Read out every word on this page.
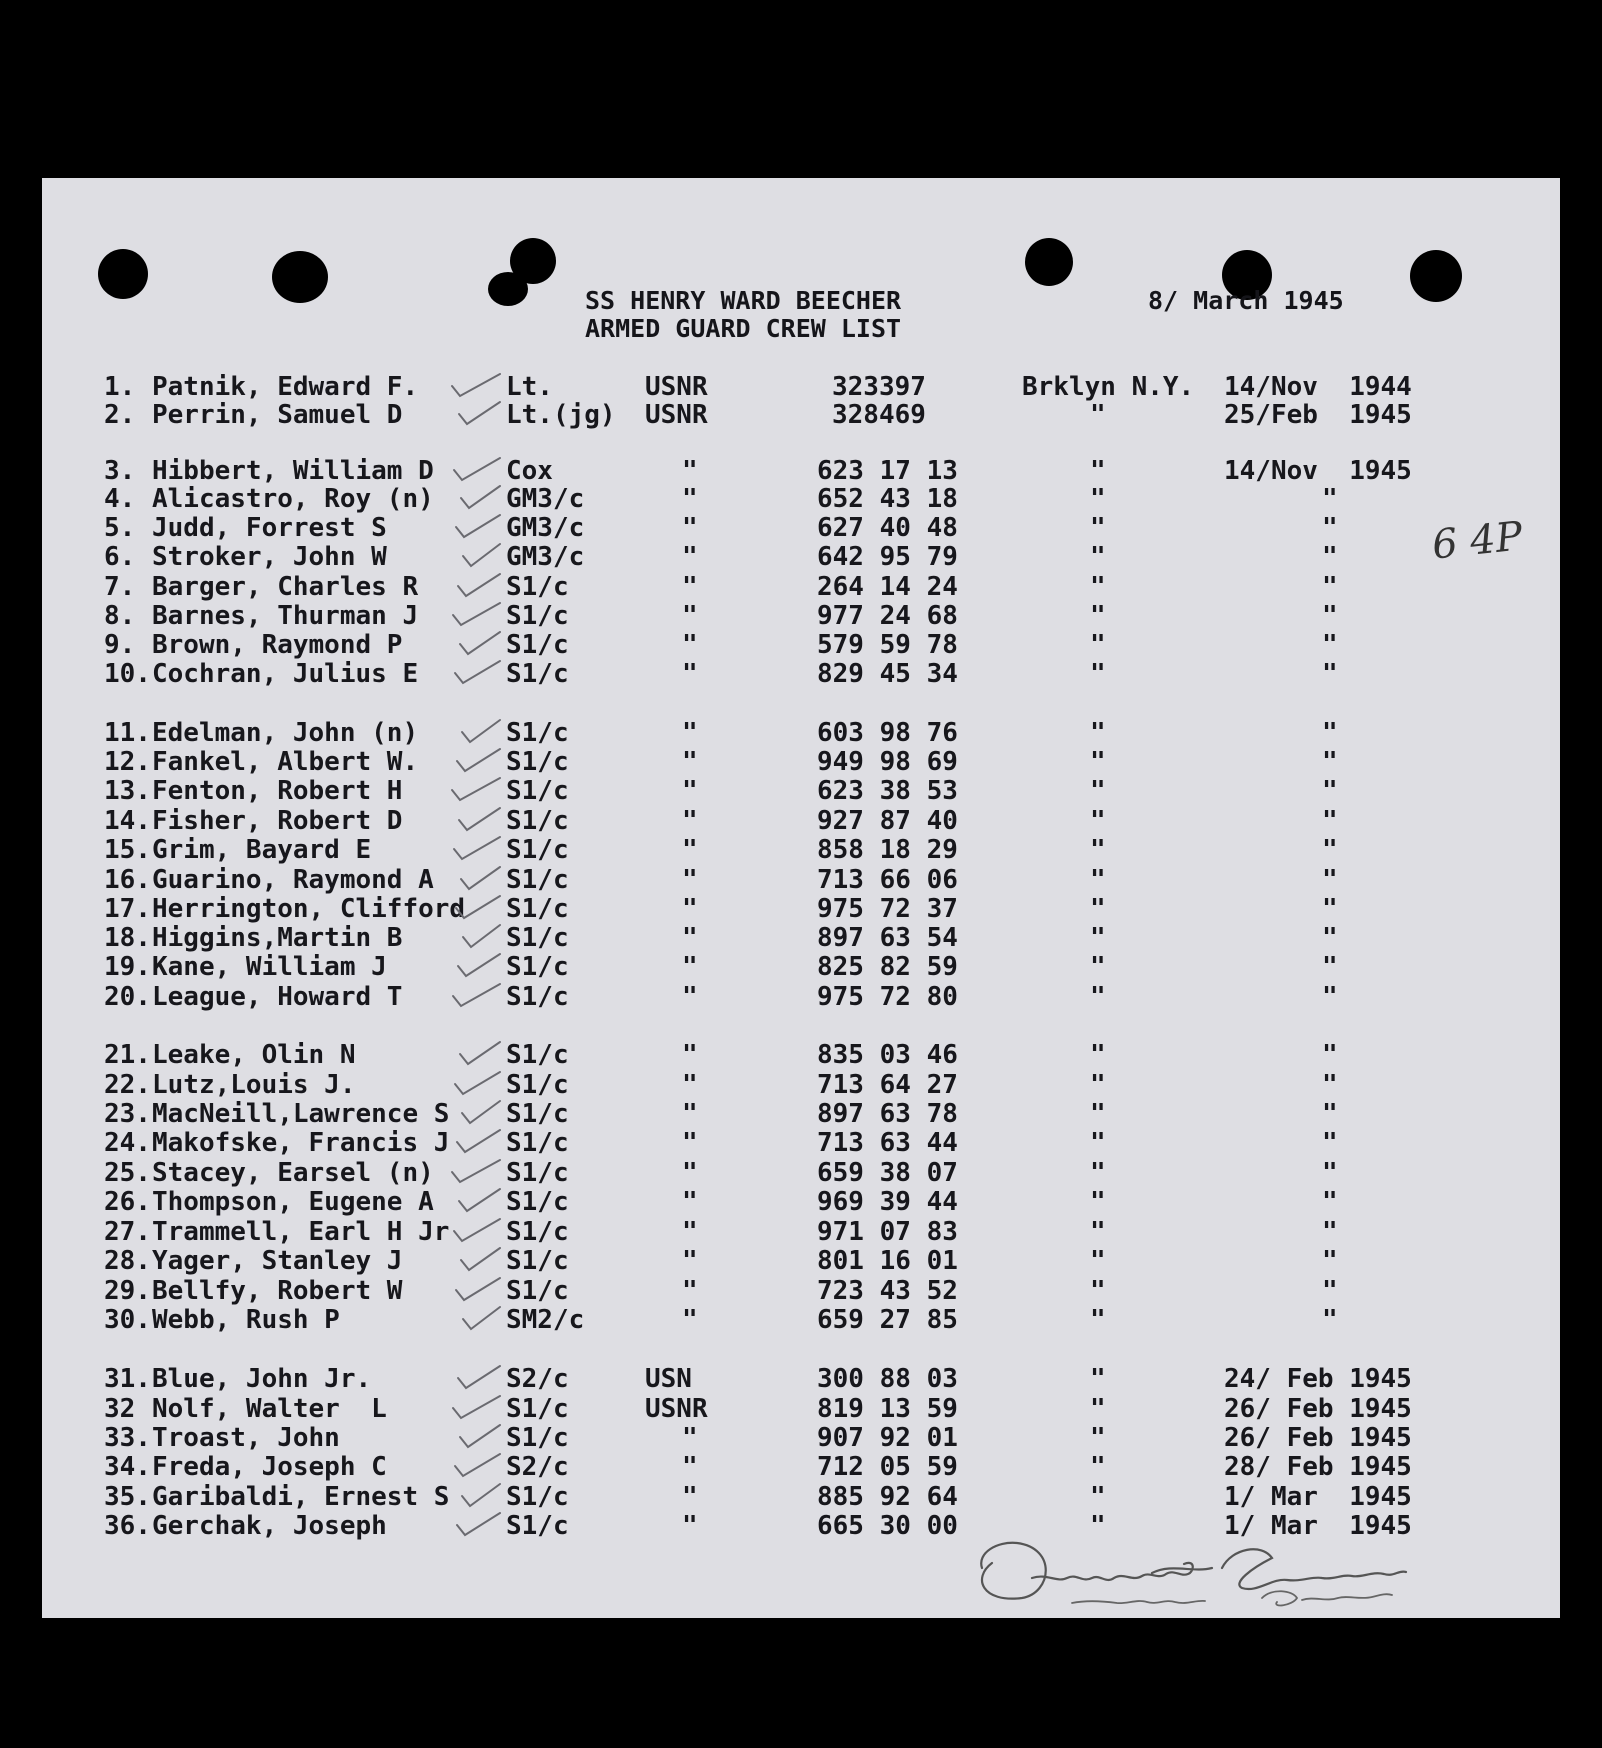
SS HENRY WARD BEECHER
ARMED GUARD CREW LIST
8/ March 1945
6 4P
1. Patnik, Edward F.	Lt.	USNR	323397	Brklyn N.Y.	14/Nov  1944
2. Perrin, Samuel D	Lt.(jg) USNR	328469	"	25/Feb  1945
3. Hibbert, William D	Cox	"	623 17 13	"	14/Nov  1945
4. Alicastro, Roy (n)	GM3/c	"	652 43 18	"	"
5. Judd, Forrest S	GM3/c	"	627 40 48	"	"
6. Stroker, John W	GM3/c	"	642 95 79	"	"
7. Barger, Charles R	S1/c	"	264 14 24	"	"
8. Barnes, Thurman J	S1/c	"	977 24 68	"	"
9. Brown, Raymond P	S1/c	"	579 59 78	"	"
10. Cochran, Julius E	S1/c	"	829 45 34	"	"
11. Edelman, John (n)	S1/c	"	603 98 76	"	"
12. Fankel, Albert W.	S1/c	"	949 98 69	"	"
13. Fenton, Robert H	S1/c	"	623 38 53	"	"
14. Fisher, Robert D	S1/c	"	927 87 40	"	"
15. Grim, Bayard E	S1/c	"	858 18 29	"	"
16. Guarino, Raymond A	S1/c	"	713 66 06	"	"
17. Herrington, Clifford S1/c	"	975 72 37	"	"
18. Higgins,Martin B	S1/c	"	897 63 54	"	"
19. Kane, William J	S1/c	"	825 82 59	"	"
20. League, Howard T	S1/c	"	975 72 80	"	"
21. Leake, Olin N	S1/c	"	835 03 46	"	"
22. Lutz,Louis J.	S1/c	"	713 64 27	"	"
23. MacNeill,Lawrence S S1/c	"	897 63 78	"	"
24. Makofske, Francis J S1/c	"	713 63 44	"	"
25. Stacey, Earsel (n)	S1/c	"	659 38 07	"	"
26. Thompson, Eugene A	S1/c	"	969 39 44	"	"
27. Trammell, Earl H Jr S1/c	"	971 07 83	"	"
28. Yager, Stanley J	S1/c	"	801 16 01	"	"
29. Bellfy, Robert W	S1/c	"	723 43 52	"	"
30. Webb, Rush P	SM2/c	"	659 27 85	"	"
31. Blue, John Jr.	S2/c	USN	300 88 03	"	24/ Feb 1945
32 Nolf, Walter  L	S1/c	USNR	819 13 59	"	26/ Feb 1945
33. Troast, John	S1/c	"	907 92 01	"	26/ Feb 1945
34. Freda, Joseph C	S2/c	"	712 05 59	"	28/ Feb 1945
35. Garibaldi, Ernest S S1/c	"	885 92 64	"	1/ Mar  1945
36. Gerchak, Joseph	S1/c	"	665 30 00	"	1/ Mar  1945
